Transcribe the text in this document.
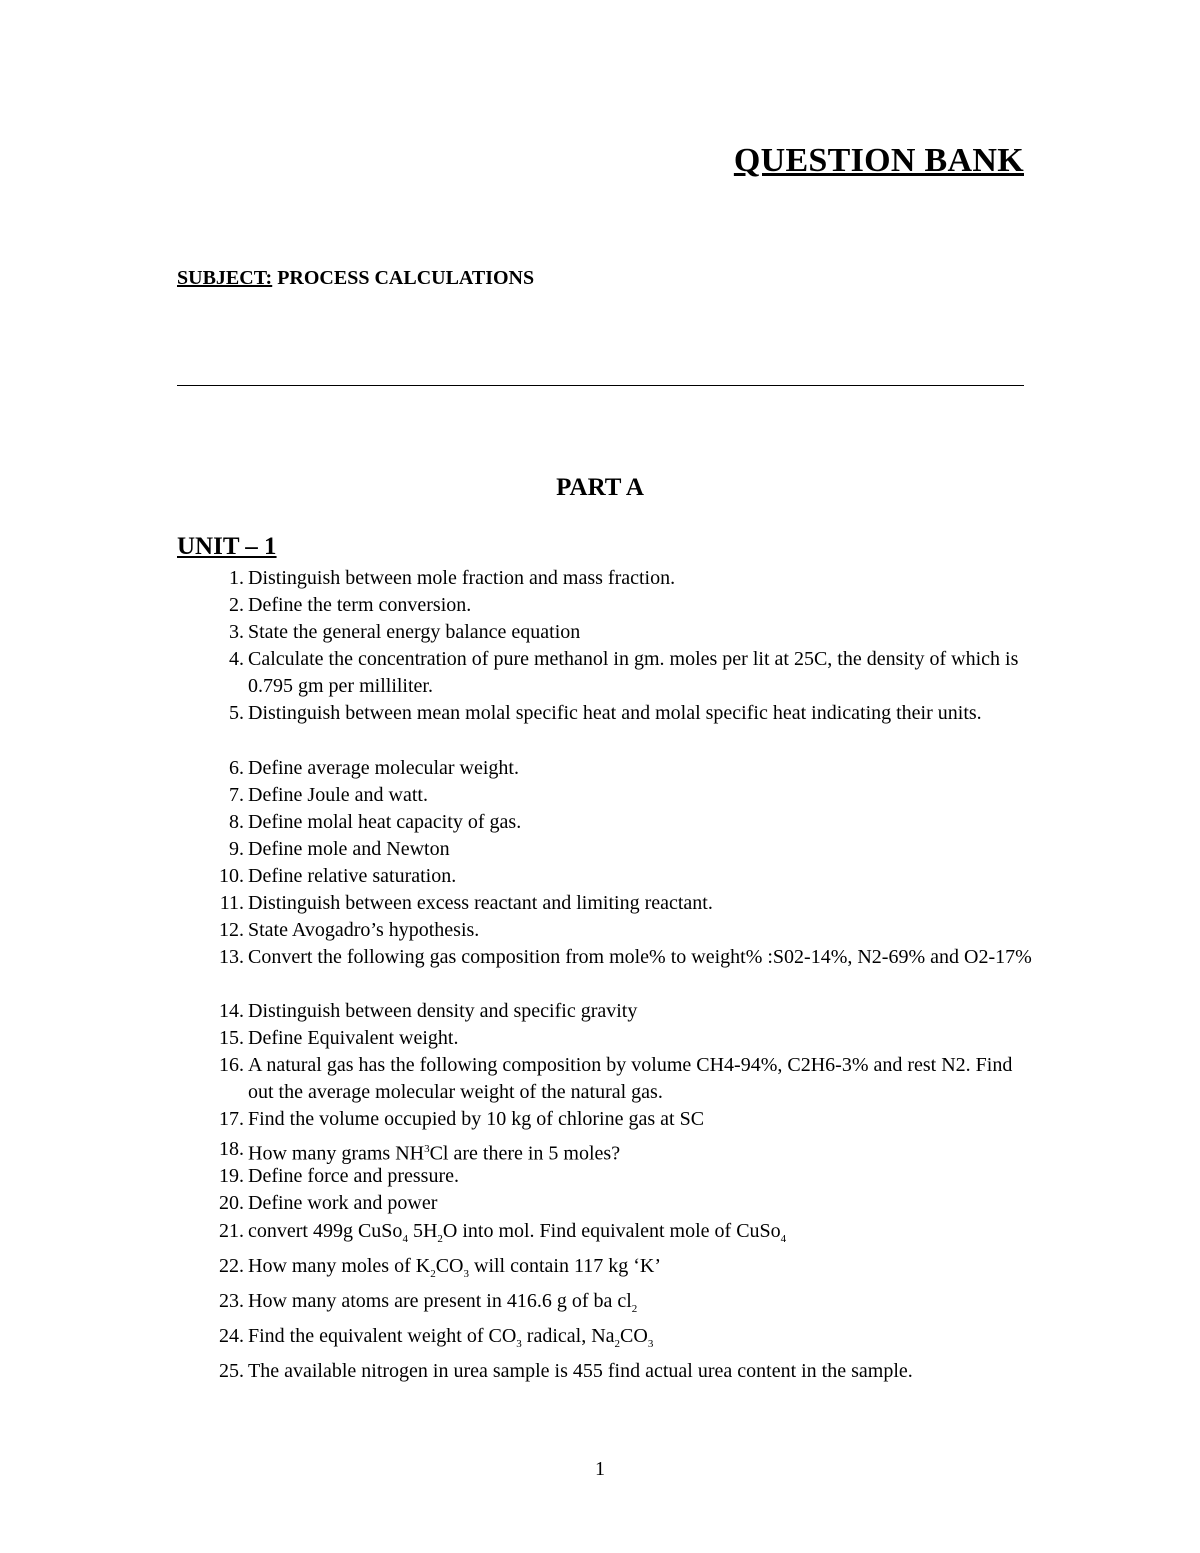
QUESTION BANK
SUBJECT: PROCESS CALCULATIONS
PART A
UNIT – 1
1. Distinguish between mole fraction and mass fraction.
2. Define the term conversion.
3. State the general energy balance equation
4. Calculate the concentration of pure methanol in gm. moles per lit at 25C, the density of which is 0.795 gm per milliliter.
5. Distinguish between mean molal specific heat and molal specific heat indicating their units.
6. Define average molecular weight.
7. Define Joule and watt.
8. Define molal heat capacity of gas.
9. Define mole and Newton
10. Define relative saturation.
11. Distinguish between excess reactant and limiting reactant.
12. State Avogadro’s hypothesis.
13. Convert the following gas composition from mole% to weight% :S02-14%, N2-69% and O2-17%
14. Distinguish between density and specific gravity
15. Define Equivalent weight.
16. A natural gas has the following composition by volume CH4-94%, C2H6-3% and rest N2. Find out the average molecular weight of the natural gas.
17. Find the volume occupied by 10 kg of chlorine gas at SC
18. How many grams $NH^3Cl$ are there in 5 moles?
19. Define force and pressure.
20. Define work and power
21. convert 499g CuSo$_4$ $5H_2O$ into mol. Find equivalent mole of CuSo$_4$
22. How many moles of $K_2CO_3$ will contain 117 kg ‘K’
23. How many atoms are present in 416.6 g of ba $cl_2$
24. Find the equivalent weight of $CO_3$ radical, $Na_2CO_3$
25. The available nitrogen in urea sample is 455 find actual urea content in the sample.
1
